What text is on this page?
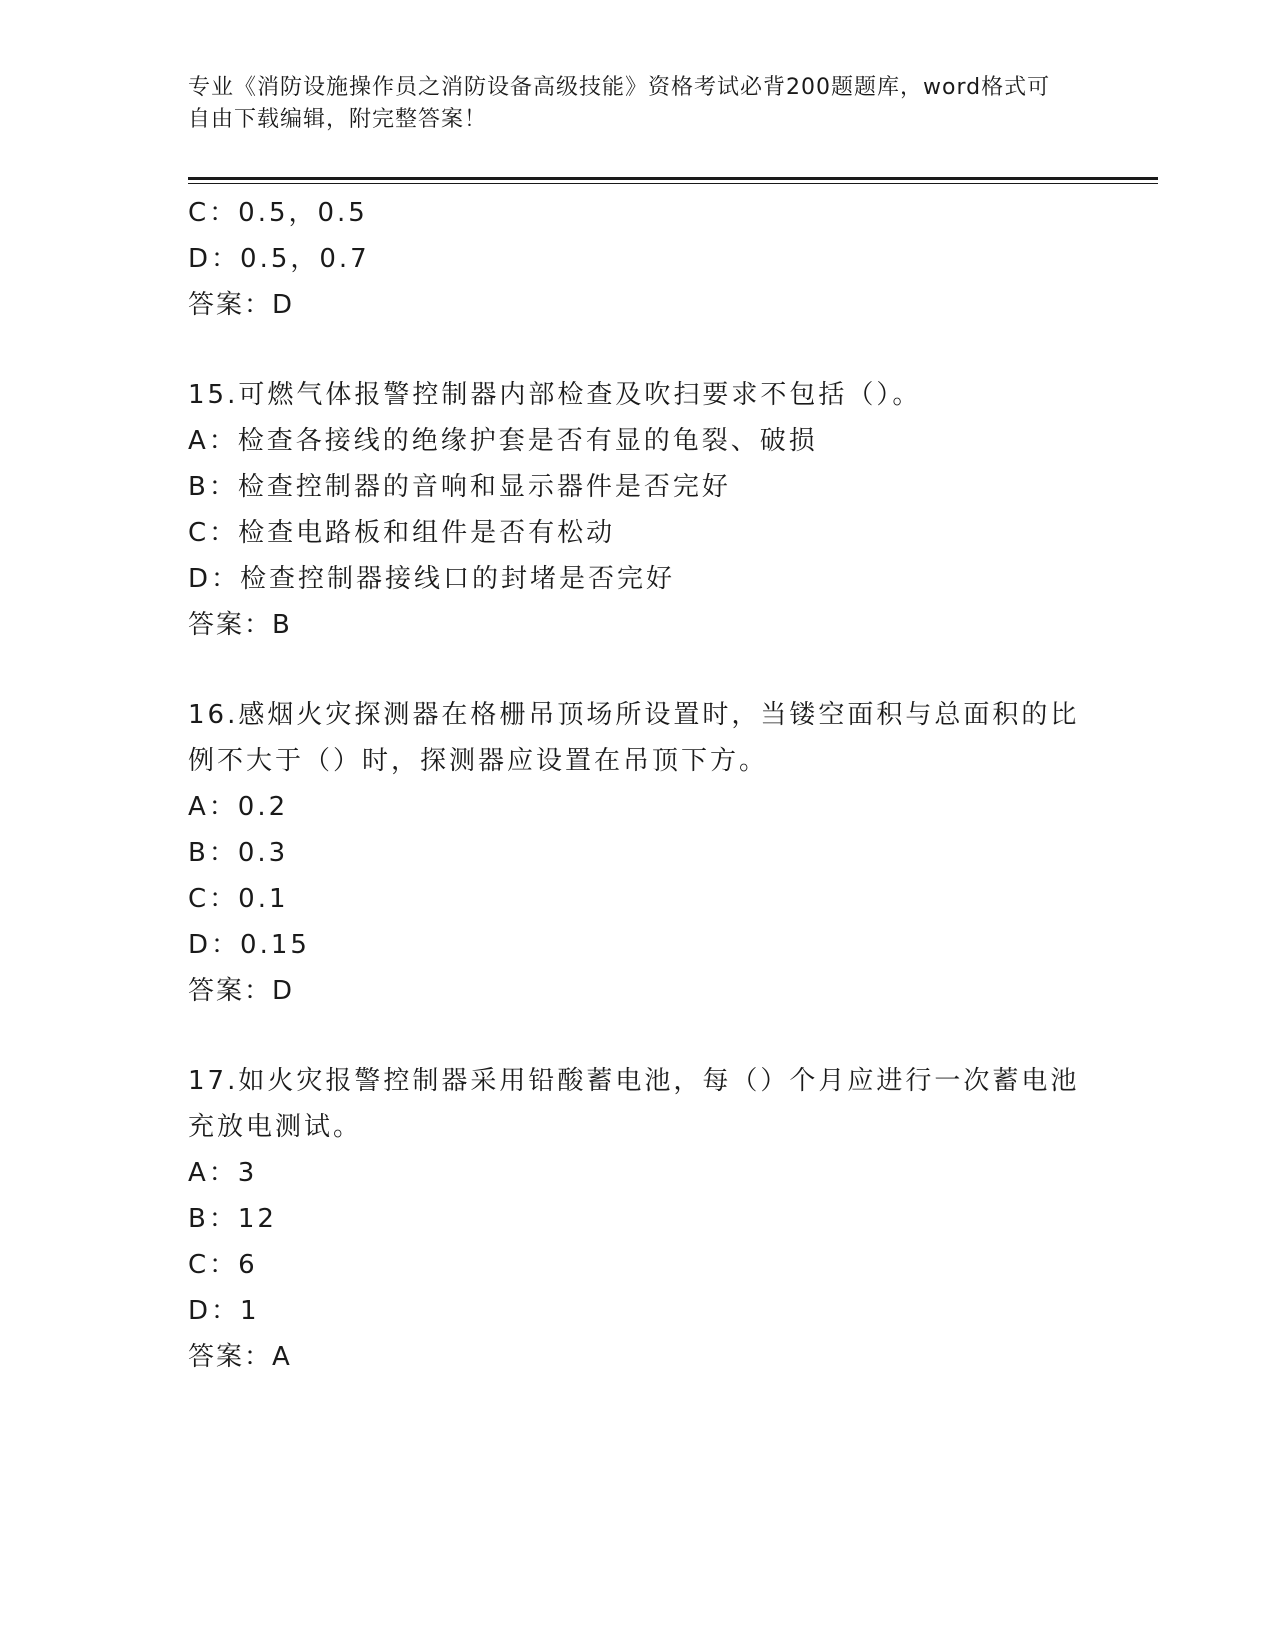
专业《消防设施操作员之消防设备高级技能》资格考试必背200题题库，word格式可自由下载编辑，附完整答案！
C：0.5，0.5
D：0.5，0.7
答案：D
15.可燃气体报警控制器内部检查及吹扫要求不包括（）。
A：检查各接线的绝缘护套是否有显的龟裂、破损
B：检查控制器的音响和显示器件是否完好
C：检查电路板和组件是否有松动
D：检查控制器接线口的封堵是否完好
答案：B
16.感烟火灾探测器在格栅吊顶场所设置时，当镂空面积与总面积的比
例不大于（）时，探测器应设置在吊顶下方。
A：0.2
B：0.3
C：0.1
D：0.15
答案：D
17.如火灾报警控制器采用铅酸蓄电池，每（）个月应进行一次蓄电池
充放电测试。
A：3
B：12
C：6
D：1
答案：A
